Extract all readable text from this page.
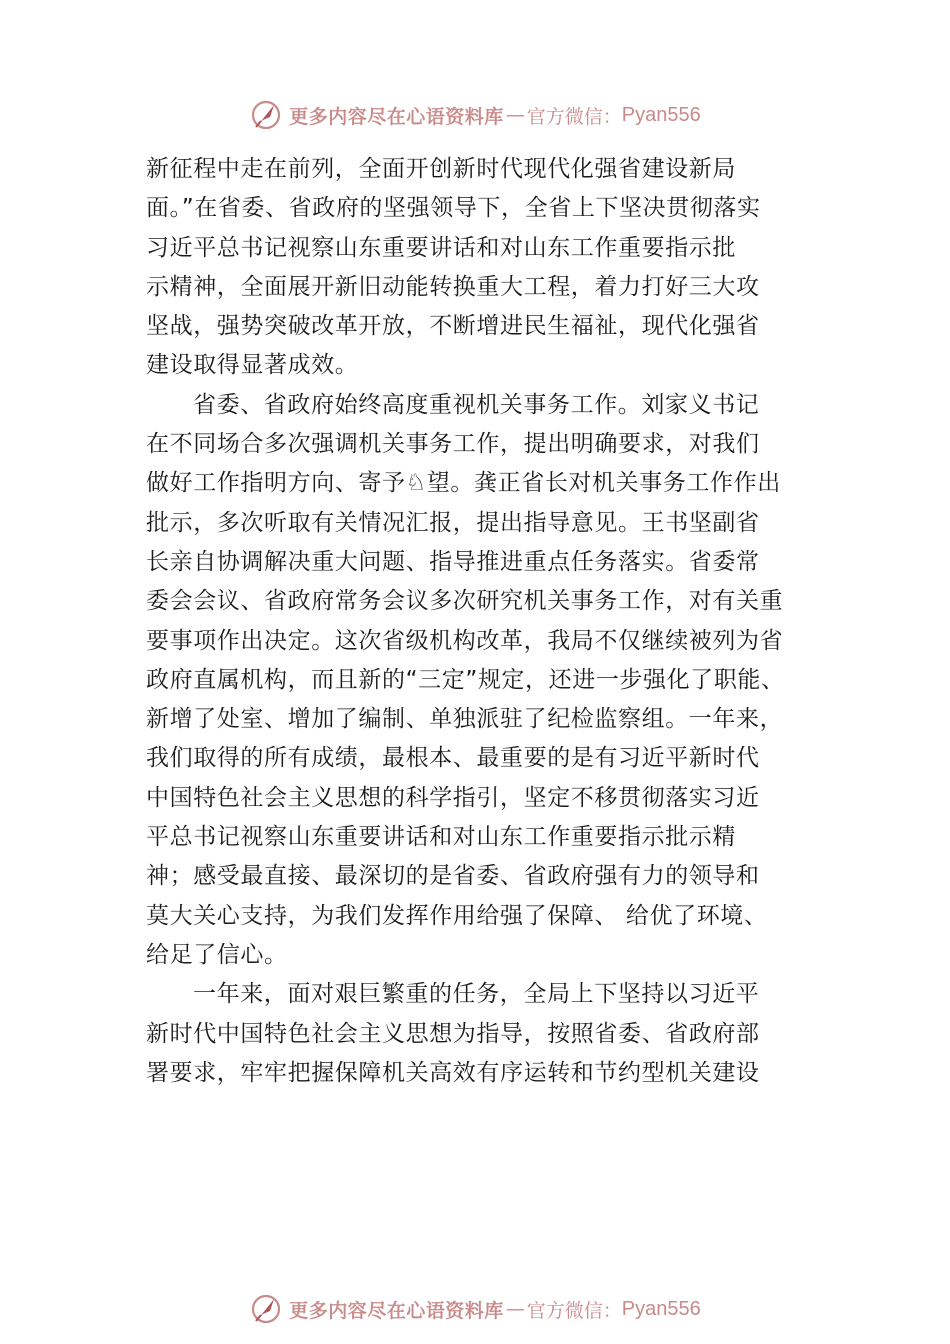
更多内容尽在心语资料库 — 官方微信： Pyan556
新征程中走在前列，全面开创新时代现代化强省建设新局
面。”在省委、省政府的坚强领导下，全省上下坚决贯彻落实
习近平总书记视察山东重要讲话和对山东工作重要指示批
示精神，全面展开新旧动能转换重大工程，着力打好三大攻
坚战，强势突破改革开放，不断增进民生福祉，现代化强省
建设取得显著成效。
省委、省政府始终高度重视机关事务工作。刘家义书记
在不同场合多次强调机关事务工作，提出明确要求，对我们
做好工作指明方向、寄予♘望。龚正省长对机关事务工作作出
批示，多次听取有关情况汇报，提出指导意见。王书坚副省
长亲自协调解决重大问题、指导推进重点任务落实。省委常
委会会议、省政府常务会议多次研究机关事务工作，对有关重
要事项作出决定。这次省级机构改革，我局不仅继续被列为省
政府直属机构，而且新的“三定”规定，还进一步强化了职能、
新增了处室、增加了编制、单独派驻了纪检监察组。一年来，
我们取得的所有成绩，最根本、最重要的是有习近平新时代
中国特色社会主义思想的科学指引，坚定不移贯彻落实习近
平总书记视察山东重要讲话和对山东工作重要指示批示精
神；感受最直接、最深切的是省委、省政府强有力的领导和
莫大关心支持，为我们发挥作用给强了保障、 给优了环境、
给足了信心。
一年来，面对艰巨繁重的任务，全局上下坚持以习近平
新时代中国特色社会主义思想为指导，按照省委、省政府部
署要求，牢牢把握保障机关高效有序运转和节约型机关建设
更多内容尽在心语资料库 — 官方微信： Pyan556
